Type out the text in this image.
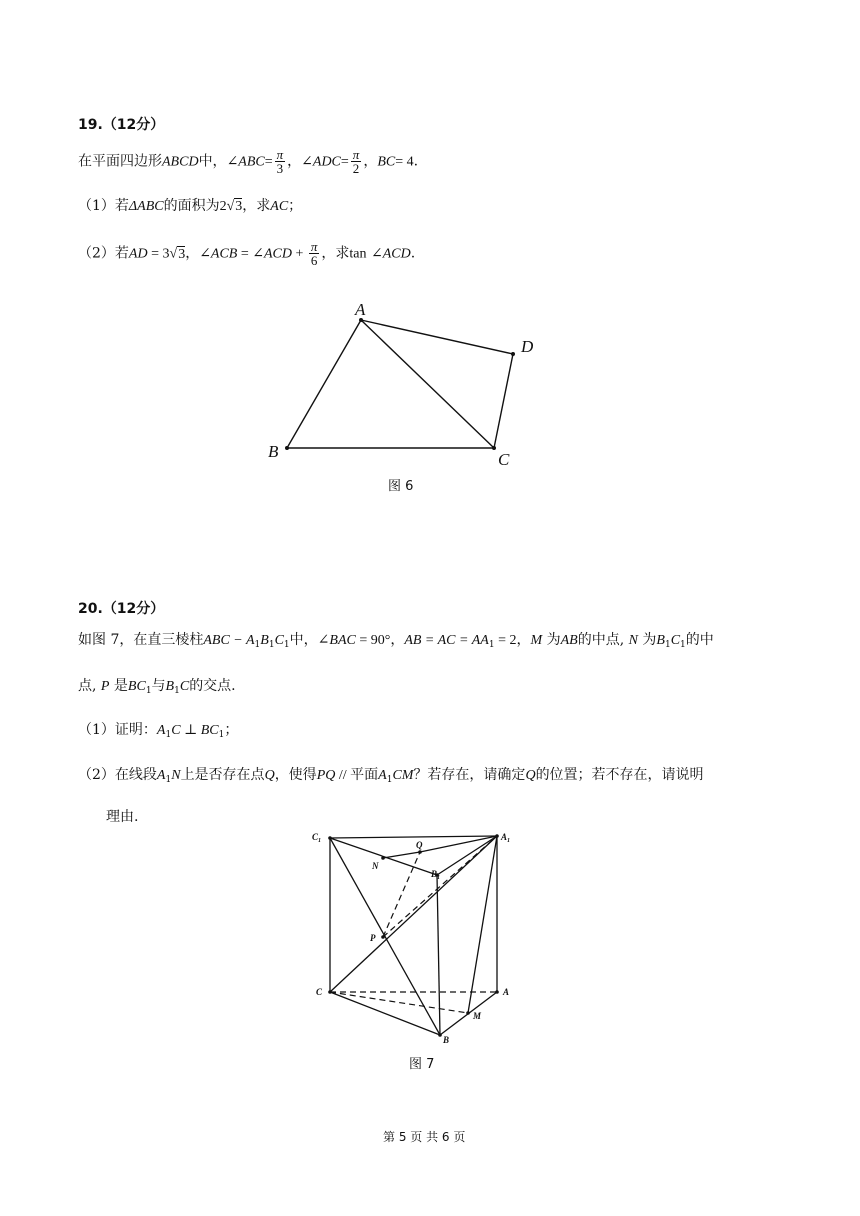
19.（12分）
在平面四边形ABCD中，∠ABC= $\frac{\pi}{3}$ ，∠ADC= $\frac{\pi}{2}$ ，BC= 4.
（1）若ΔABC的面积为2√3，求AC；
（2）若AD = 3√3，∠ACB = ∠ACD + $\frac{\pi}{6}$ ，求tan ∠ACD.
A
B	C
D
图 6
20.（12分）
如图 7，在直三棱柱ABC − $A_1B_1C_1$中，∠BAC = 90°，AB = AC = $AA_1 = 2$，M 为AB的中点, N 为$B_1C_1$的中
点, P 是$BC_1$与$B_1C$的交点.
（1）证明：$A_1C$ ⊥ $BC_1$；
（2）在线段$A_1N$上是否存在点Q，使得PQ // 平面$A_1CM$？若存在，请确定Q的位置；若不存在，请说明
理由.
$C_1$	$A_1$
$B_1$
Q
N
P
C	A
M
B
图 7
第 5 页 共 6 页
